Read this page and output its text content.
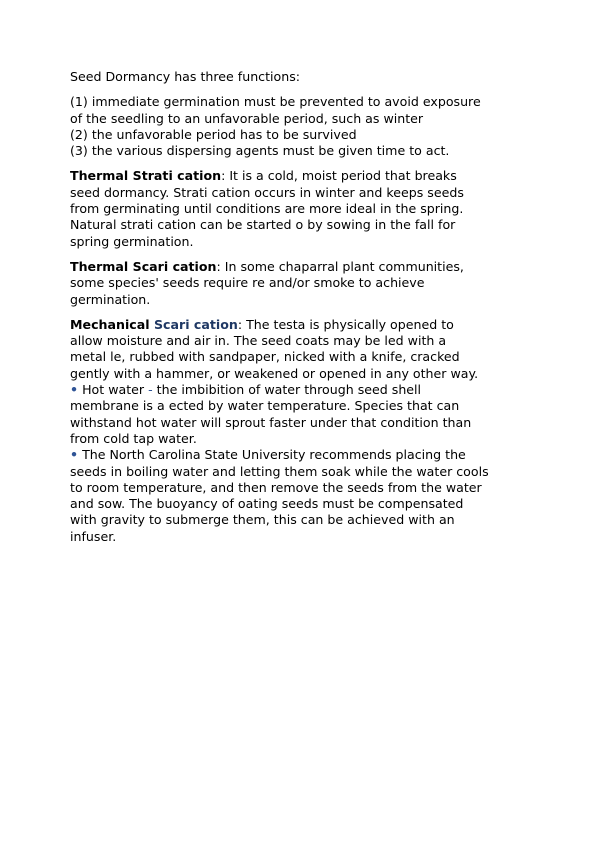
Seed Dormancy has three functions:

(1) immediate germination must be prevented to avoid exposure
of the seedling to an unfavorable period, such as winter
(2) the unfavorable period has to be survived
(3) the various dispersing agents must be given time to act.

Thermal Strati cation: It is a cold, moist period that breaks
seed dormancy. Strati cation occurs in winter and keeps seeds
from germinating until conditions are more ideal in the spring.
Natural strati cation can be started o by sowing in the fall for
spring germination.

Thermal Scari cation: In some chaparral plant communities,
some species' seeds require re and/or smoke to achieve
germination.

Mechanical Scari cation: The testa is physically opened to
allow moisture and air in. The seed coats may be led with a
metal le, rubbed with sandpaper, nicked with a knife, cracked
gently with a hammer, or weakened or opened in any other way.

• Hot water - the imbibition of water through seed shell
membrane is a ected by water temperature. Species that can
withstand hot water will sprout faster under that condition than
from cold tap water.

• The North Carolina State University recommends placing the
seeds in boiling water and letting them soak while the water cools
to room temperature, and then remove the seeds from the water
and sow. The buoyancy of oating seeds must be compensated
with gravity to submerge them, this can be achieved with an
infuser.
